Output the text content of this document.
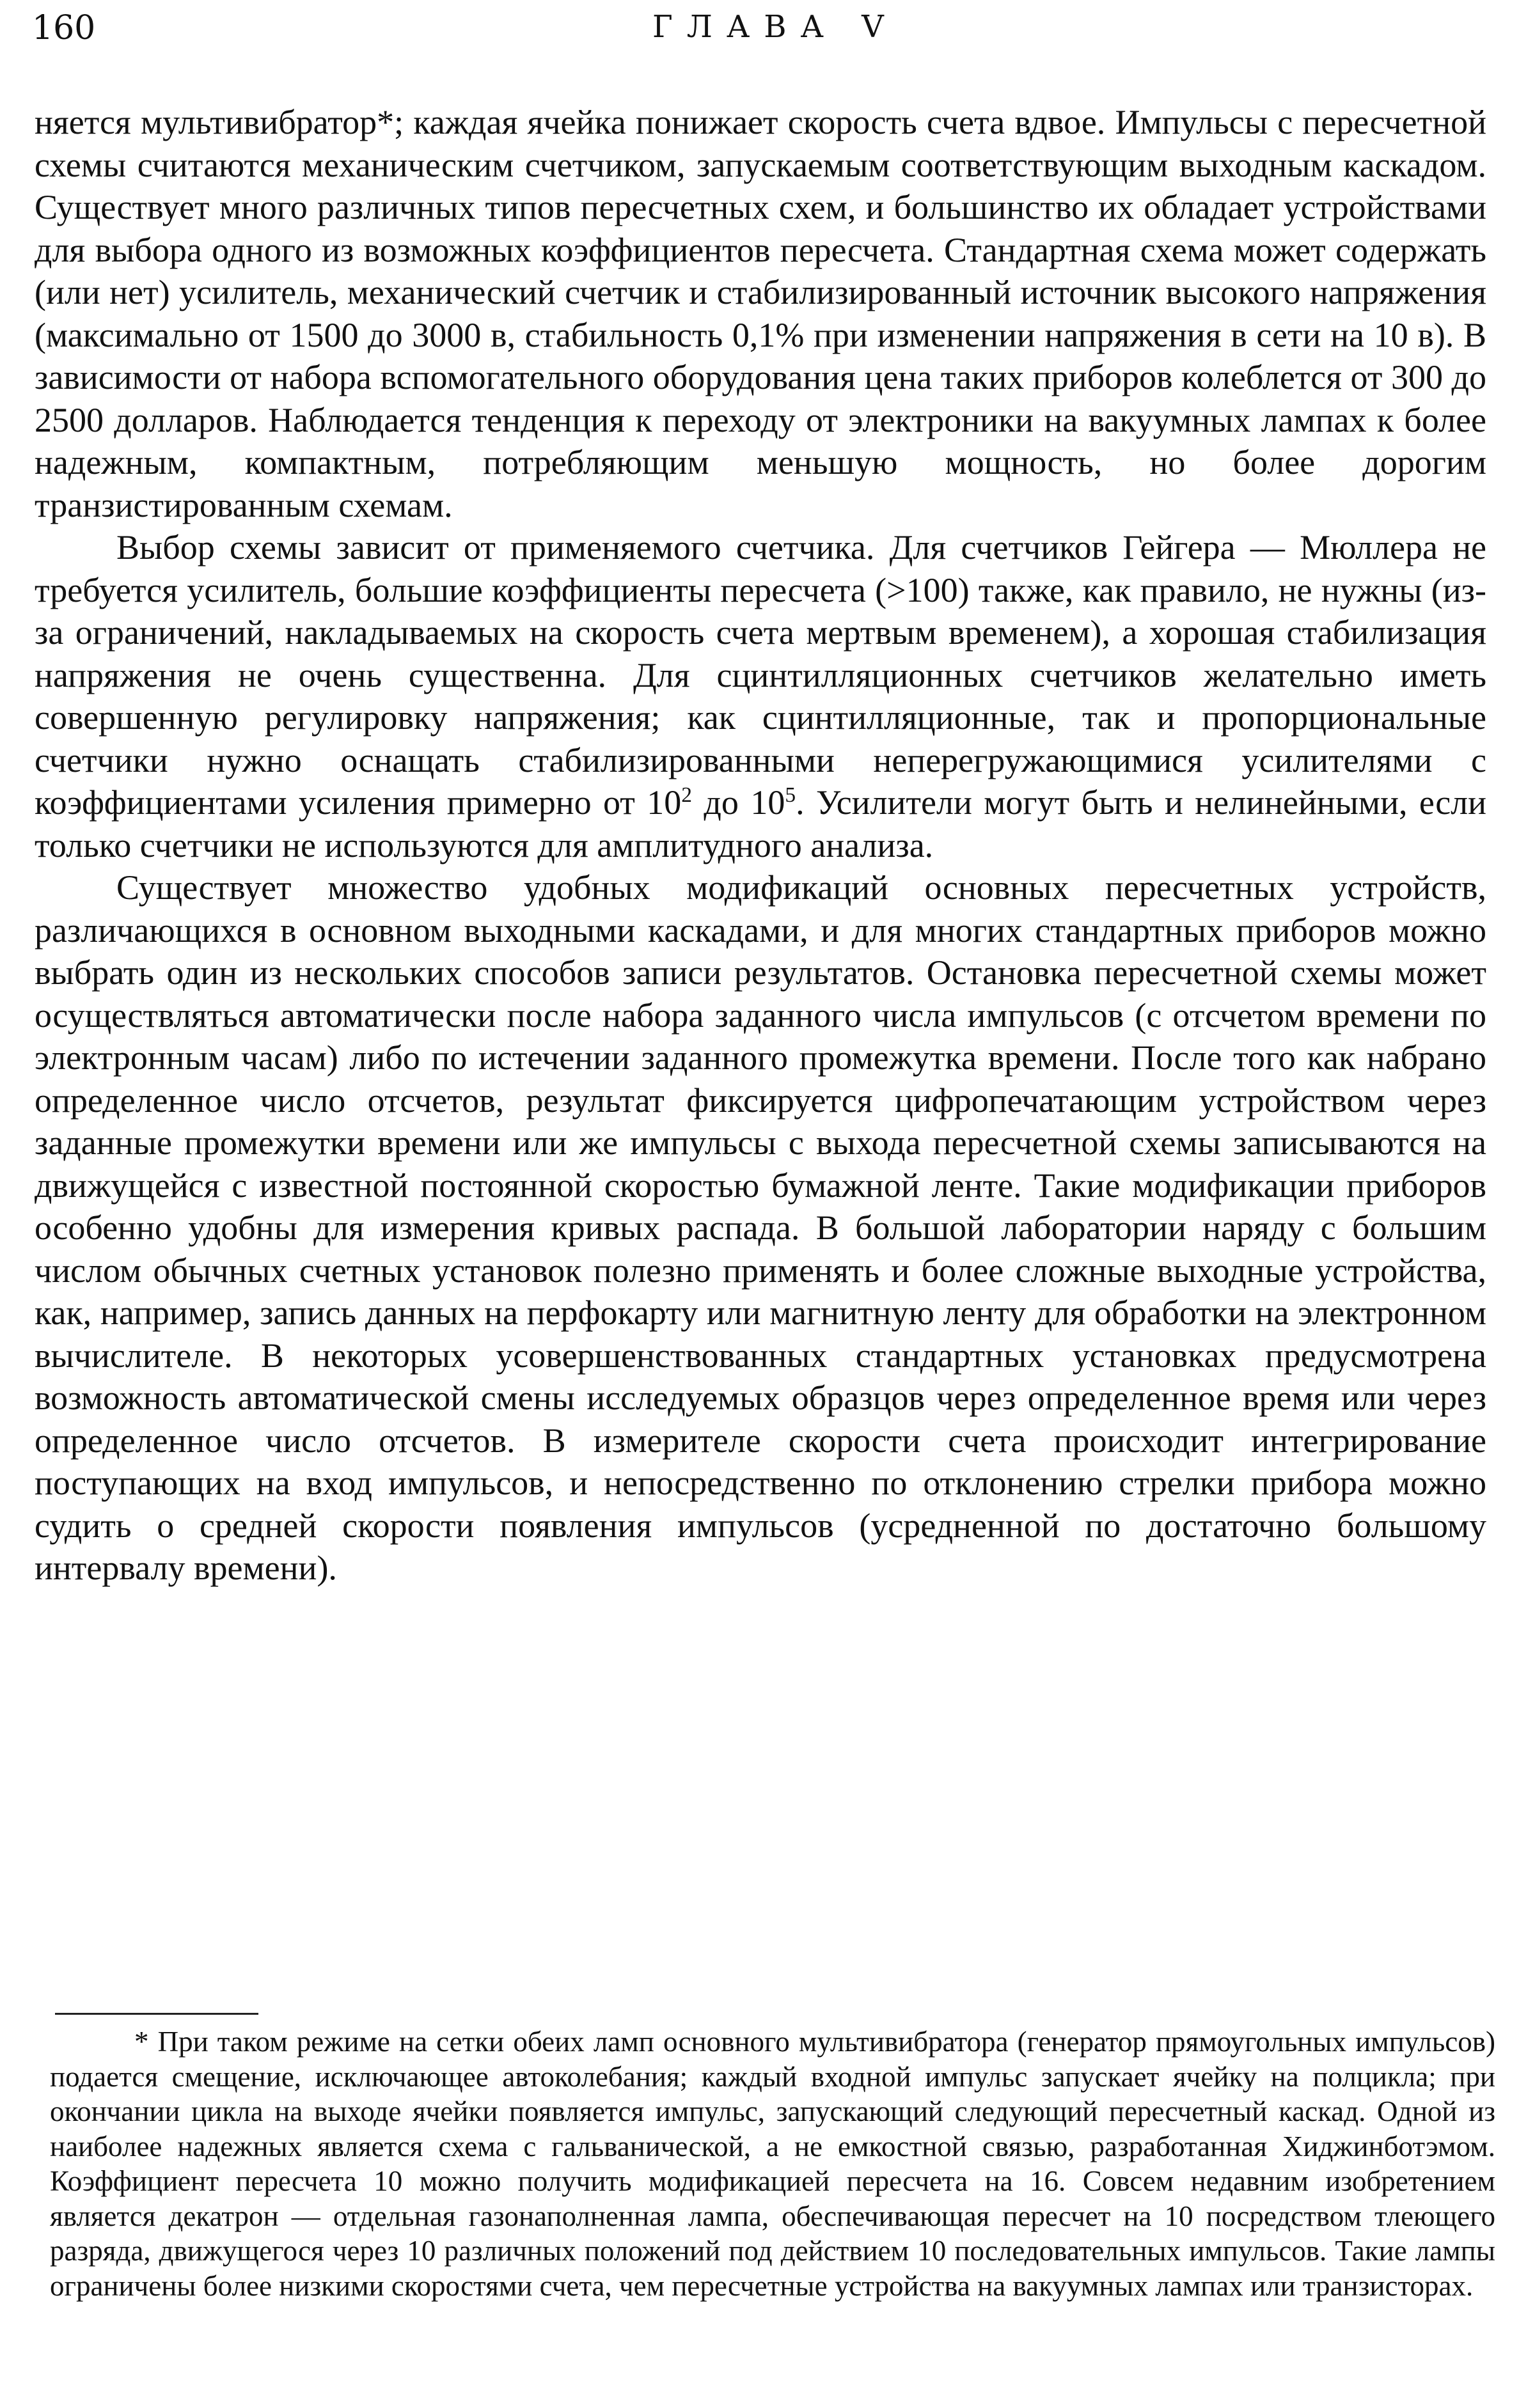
160	ГЛАВА V

няется мультивибратор*; каждая ячейка понижает скорость счета вдвое. Импульсы с пересчетной схемы считаются механическим счетчиком, запускаемым соответствующим выходным каскадом. Существует много различных типов пересчетных схем, и большинство их обладает устройствами для выбора одного из возможных коэффициентов пересчета. Стандартная схема может содержать (или нет) усилитель, механический счетчик и стабилизированный источник высокого напряжения (максимально от 1500 до 3000 в, стабильность 0,1% при изменении напряжения в сети на 10 в). В зависимости от набора вспомогательного оборудования цена таких приборов колеблется от 300 до 2500 долларов. Наблюдается тенденция к переходу от электроники на вакуумных лампах к более надежным, компактным, потребляющим меньшую мощность, но более дорогим транзистированным схемам.

Выбор схемы зависит от применяемого счетчика. Для счетчиков Гейгера — Мюллера не требуется усилитель, большие коэффициенты пересчета (>100) также, как правило, не нужны (из-за ограничений, накладываемых на скорость счета мертвым временем), а хорошая стабилизация напряжения не очень существенна. Для сцинтилляционных счетчиков желательно иметь совершенную регулировку напряжения; как сцинтилляционные, так и пропорциональные счетчики нужно оснащать стабилизированными неперегружающимися усилителями с коэффициентами усиления примерно от $10^2$ до $10^5$. Усилители могут быть и нелинейными, если только счетчики не используются для амплитудного анализа.

Существует множество удобных модификаций основных пересчетных устройств, различающихся в основном выходными каскадами, и для многих стандартных приборов можно выбрать один из нескольких способов записи результатов. Остановка пересчетной схемы может осуществляться автоматически после набора заданного числа импульсов (с отсчетом времени по электронным часам) либо по истечении заданного промежутка времени. После того как набрано определенное число отсчетов, результат фиксируется цифропечатающим устройством через заданные промежутки времени или же импульсы с выхода пересчетной схемы записываются на движущейся с известной постоянной скоростью бумажной ленте. Такие модификации приборов особенно удобны для измерения кривых распада. В большой лаборатории наряду с большим числом обычных счетных установок полезно применять и более сложные выходные устройства, как, например, запись данных на перфокарту или магнитную ленту для обработки на электронном вычислителе. В некоторых усовершенствованных стандартных установках предусмотрена возможность автоматической смены исследуемых образцов через определенное время или через определенное число отсчетов. В измерителе скорости счета происходит интегрирование поступающих на вход импульсов, и непосредственно по отклонению стрелки прибора можно судить о средней скорости появления импульсов (усредненной по достаточно большому интервалу времени).

* При таком режиме на сетки обеих ламп основного мультивибратора (генератор прямоугольных импульсов) подается смещение, исключающее автоколебания; каждый входной импульс запускает ячейку на полцикла; при окончании цикла на выходе ячейки появляется импульс, запускающий следующий пересчетный каскад. Одной из наиболее надежных является схема с гальванической, а не емкостной связью, разработанная Хиджинботэмом. Коэффициент пересчета 10 можно получить модификацией пересчета на 16. Совсем недавним изобретением является декатрон — отдельная газонаполненная лампа, обеспечивающая пересчет на 10 посредством тлеющего разряда, движущегося через 10 различных положений под действием 10 последовательных импульсов. Такие лампы ограничены более низкими скоростями счета, чем пересчетные устройства на вакуумных лампах или транзисторах.
